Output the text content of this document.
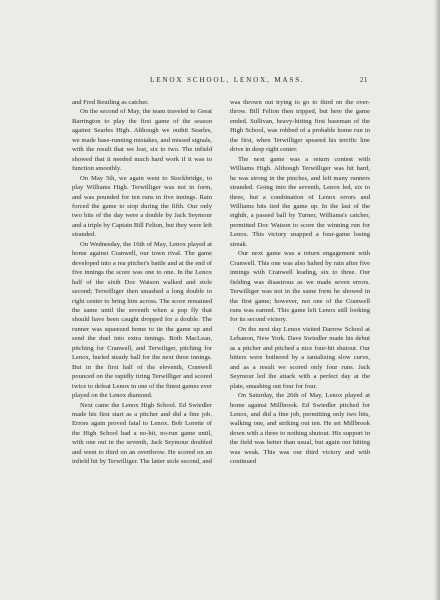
LENOX SCHOOL, LENOX, MASS.	21

and Fred Reutling as catcher.

On the second of May, the team traveled to Great Barrington to play the first game of the season against Searles High. Although we outhit Searles, we made base-running mistakes, and missed signals, with the result that we lost, six to two. The infield showed that it needed much hard work if it was to function smoothly.

On May 5th, we again went to Stockbridge, to play Williams High. Terwilliger was not in form, and was pounded for ten runs in five innings. Rain forced the game to stop during the fifth. Our only two hits of the day were a double by Jack Seymour and a triple by Captain Bill Felton, but they were left stranded.

On Wednesday, the 16th of May, Lenox played at home against Cranwell, our town rival. The game developed into a rea pitcher's battle and at the end of five innings the score was one to one. In the Lenox half of the sixth Doc Watson walked and stole second; Terwilliger then smashed a long double to right center to bring him across. The score remained the same until the seventh when a pop fly that should have been caught dropped for a double. The runner was squeezed home to tie the game up and send the duel into extra innings. Both MacLean, pitching for Cranwell, and Terwiliger, pitching for Lenox, hurled steady ball for the next three innings. But in the first half of the eleventh, Cranwell pounced on the rapidly tiring Terwilliger and scored twice to defeat Lenox in one of the finest games ever played on the Lenox diamond.

Next came the Lenox High School. Ed Swiedler made his first start as a pitcher and did a fine job. Errors again proved fatal to Lenox. Bob Lorette of the High School had a no-hit, no-run game until, with one out in the seventh, Jack Seymour doubled and went to third on an overthrow. He scored on an infield hit by Terwilliger. The latter stole second, and

was thrown out trying to go to third on the over-throw. Bill Felton then tripped, but here the game ended. Sullivan, heavy-hitting first baseman of the High School, was robbed of a probable home run in the first, when Terwilliger speared his terrific line drive in deep right center.

The next game was a return contest with Williams High. Although Terwilliger was hit hard, he was strong in the pinches, and left many runners stranded. Going into the seventh, Lenox led, six to three, but a combination of Lenox errors and Williams hits tied the game up. In the last of the eighth, a passed ball by Turner, Williams's catcher, permitted Doc Watson to score the winning run for Lenox. This victory snapped a four-game losing streak.

Our next game was a return engagement with Cranwell. This one was also halted by rain after five innings with Cranwell leading, six to three. Our fielding was disastrous as we made seven errors. Terwilliger was not in the same form he showed in the first game; however, not one of the Cranwell runs was earned. This game left Lenox still looking for its second victory.

On the next day Lenox visited Darrow School at Lebanon, New York. Dave Swiedler made his debut as a pitcher and pitched a nice four-hit shutout. Our hitters were bothered by a tantalizing slow curve, and as a result we scored only four runs. Jack Seymour led the attack with a perfect day at the plate, smashing out four for four.

On Saturday, the 26th of May, Lenox played at home against Millbrook. Ed Swiedler pitched for Lenox, and did a fine job, permitting only two hits, walking one, and striking out ten. He set Millbrook down with a three to nothing shutout. His support in the field was better than usual, but again our hitting was weak. This was our third victory and with continued
